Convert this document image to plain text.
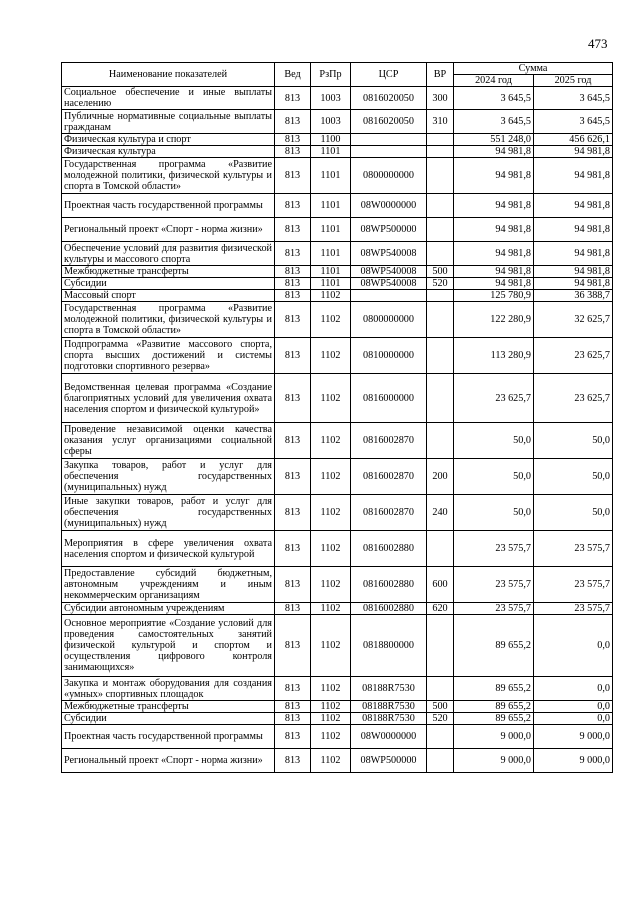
473
Наименование показателей	Вед	РзПр	ЦСР	ВР	Сумма	
					2024 год	2025 год
Социальное обеспечение и иные выплаты населению	813	1003	0816020050	300	3 645,5	3 645,5
Публичные нормативные социальные выплаты гражданам	813	1003	0816020050	310	3 645,5	3 645,5
Физическая культура и спорт	813	1100			551 248,0	456 626,1
Физическая культура	813	1101			94 981,8	94 981,8
Государственная программа «Развитие молодежной политики, физической культуры и спорта в Томской области»	813	1101	0800000000		94 981,8	94 981,8
Проектная часть государственной программы	813	1101	08W0000000		94 981,8	94 981,8
Региональный проект «Спорт - норма жизни»	813	1101	08WP500000		94 981,8	94 981,8
Обеспечение условий для развития физической культуры и массового спорта	813	1101	08WP540008		94 981,8	94 981,8
Межбюджетные трансферты	813	1101	08WP540008	500	94 981,8	94 981,8
Субсидии	813	1101	08WP540008	520	94 981,8	94 981,8
Массовый спорт	813	1102			125 780,9	36 388,7
Государственная программа «Развитие молодежной политики, физической культуры и спорта в Томской области»	813	1102	0800000000		122 280,9	32 625,7
Подпрограмма «Развитие массового спорта, спорта высших достижений и системы подготовки спортивного резерва»	813	1102	0810000000		113 280,9	23 625,7
Ведомственная целевая программа «Создание благоприятных условий для увеличения охвата населения спортом и физической культурой»	813	1102	0816000000		23 625,7	23 625,7
Проведение независимой оценки качества оказания услуг организациями социальной сферы	813	1102	0816002870		50,0	50,0
Закупка товаров, работ и услуг для обеспечения государственных (муниципальных) нужд	813	1102	0816002870	200	50,0	50,0
Иные закупки товаров, работ и услуг для обеспечения государственных (муниципальных) нужд	813	1102	0816002870	240	50,0	50,0
Мероприятия в сфере увеличения охвата населения спортом и физической культурой	813	1102	0816002880		23 575,7	23 575,7
Предоставление субсидий бюджетным, автономным учреждениям и иным некоммерческим организациям	813	1102	0816002880	600	23 575,7	23 575,7
Субсидии автономным учреждениям	813	1102	0816002880	620	23 575,7	23 575,7
Основное мероприятие «Создание условий для проведения самостоятельных занятий физической культурой и спортом и осуществления цифрового контроля занимающихся»	813	1102	0818800000		89 655,2	0,0
Закупка и монтаж оборудования для создания «умных» спортивных площадок	813	1102	08188R7530		89 655,2	0,0
Межбюджетные трансферты	813	1102	08188R7530	500	89 655,2	0,0
Субсидии	813	1102	08188R7530	520	89 655,2	0,0
Проектная часть государственной программы	813	1102	08W0000000		9 000,0	9 000,0
Региональный проект «Спорт - норма жизни»	813	1102	08WP500000		9 000,0	9 000,0
